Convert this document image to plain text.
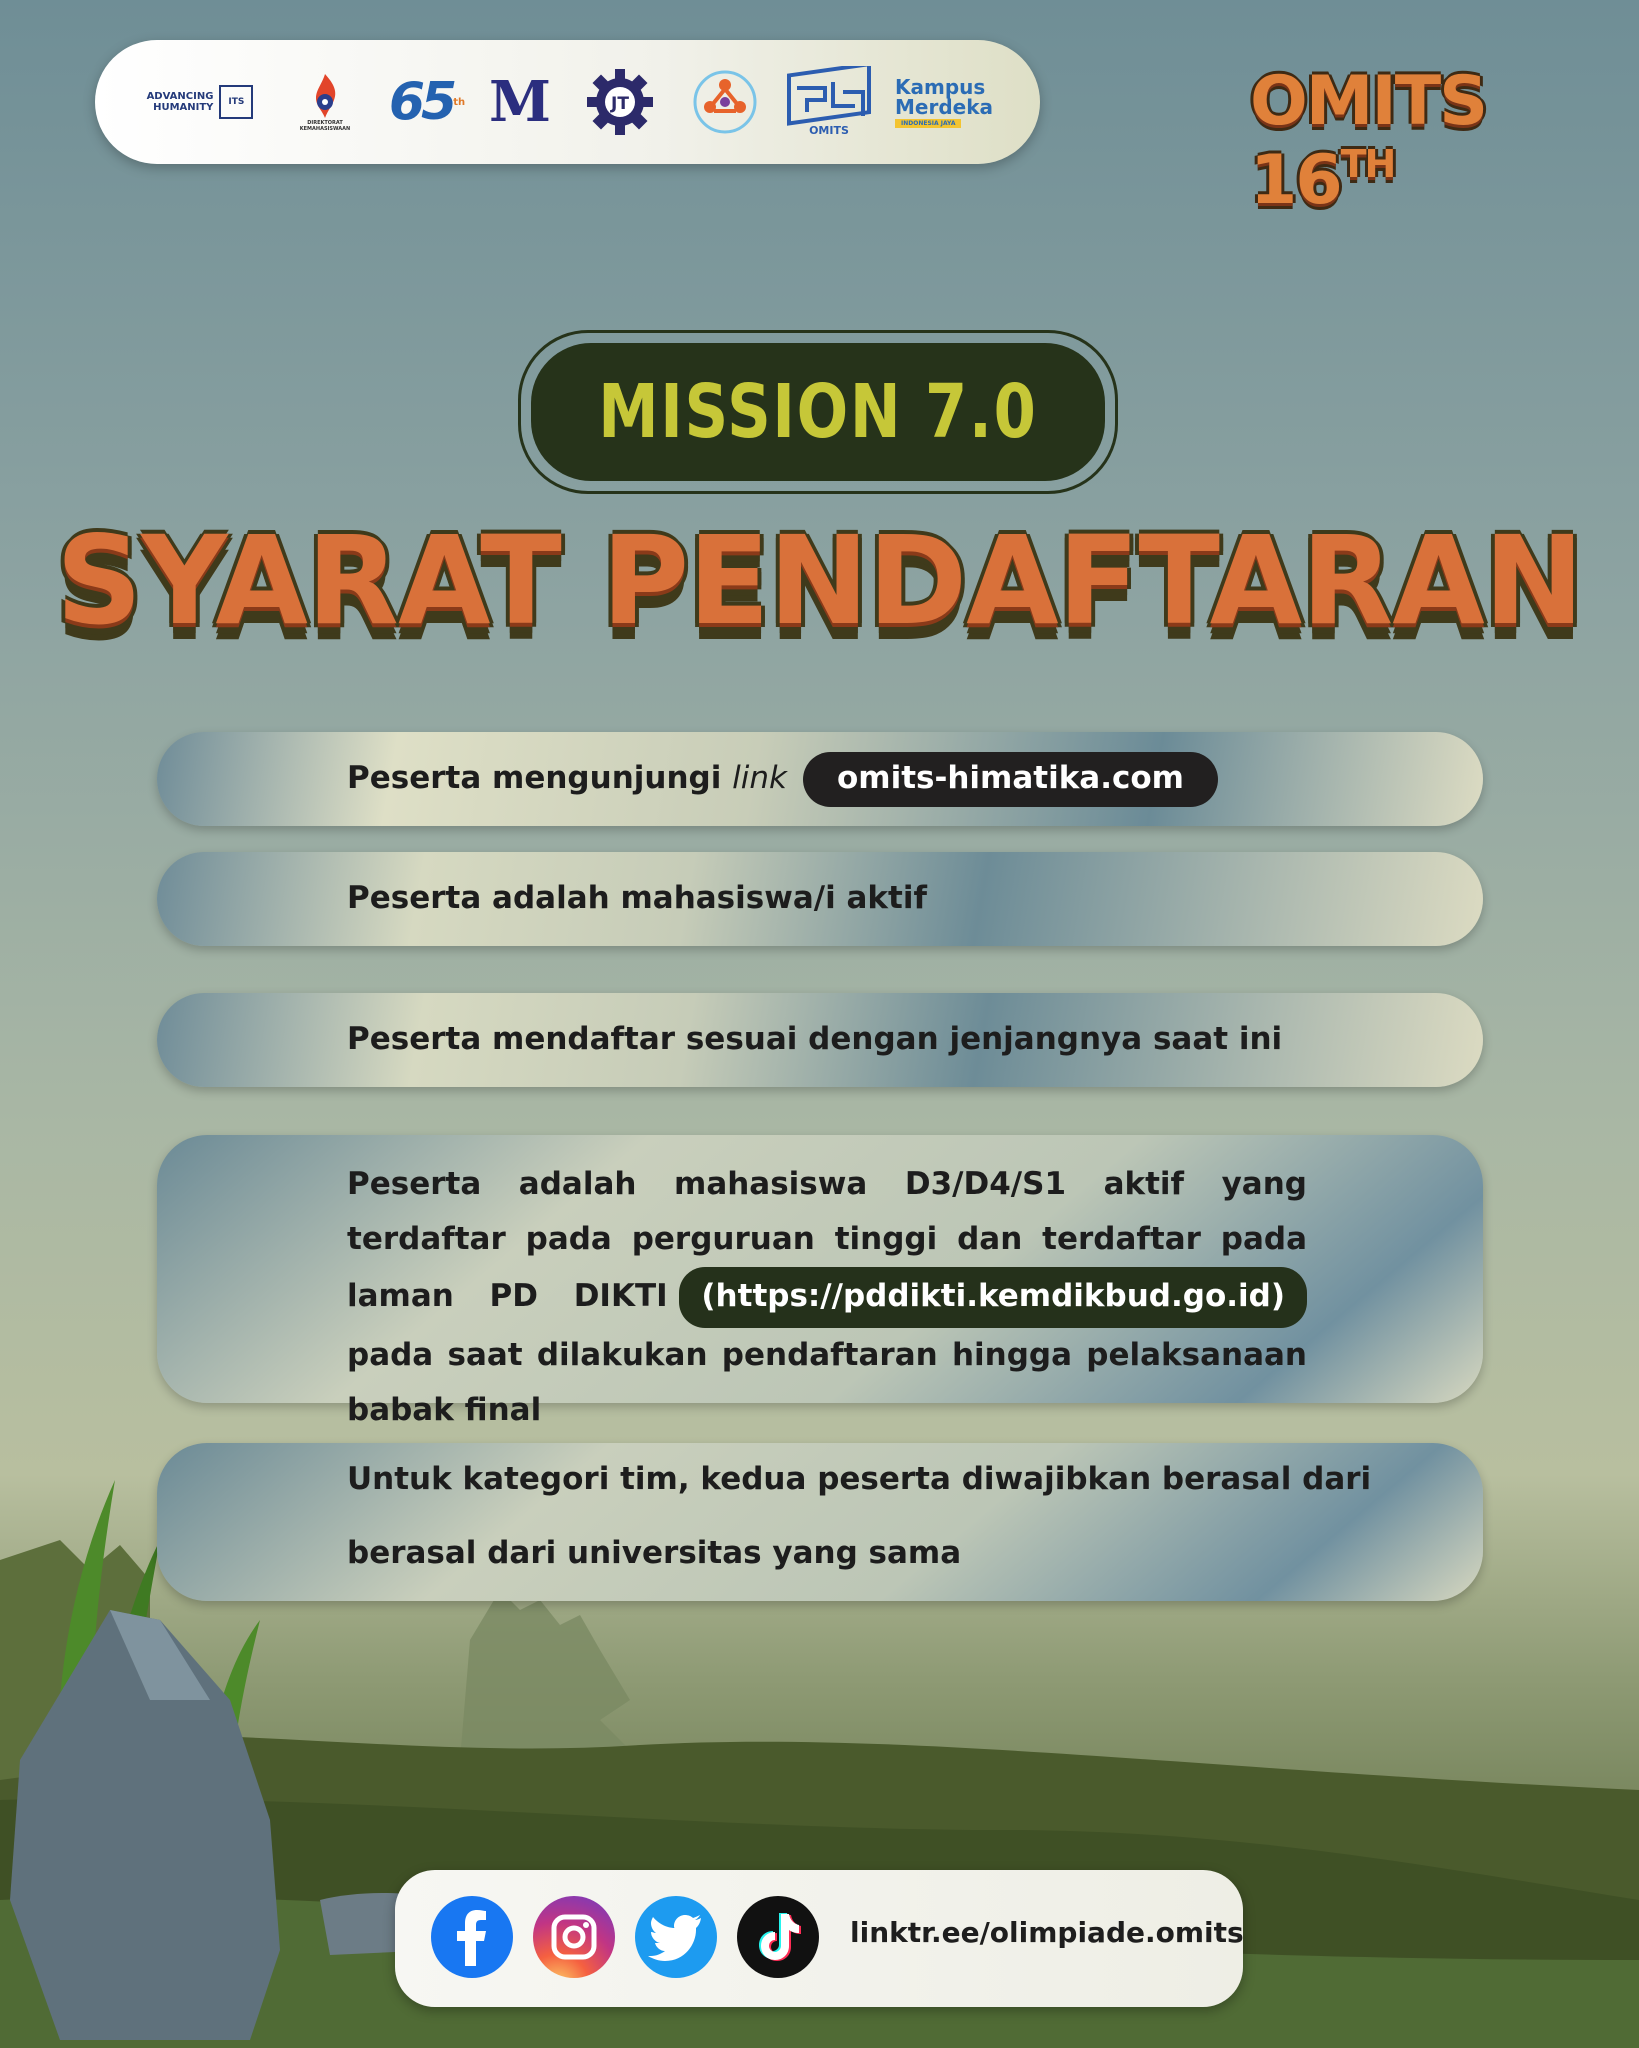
ADVANCING
HUMANITY ITS
DIREKTORAT
KEMAHASISWAAN 65 th M	JT
OMITS
Kampus
Merdeka
INDONESIA JAYA	OMITS 16TH
MISSION 7.0
SYARAT PENDAFTARAN
Peserta mengunjungi link omits-himatika.com
Peserta adalah mahasiswa/i aktif
Peserta mendaftar sesuai dengan jenjangnya saat ini
Peserta adalah mahasiswa D3/D4/S1 aktif yang terdaftar pada perguruan tinggi dan terdaftar pada laman PD DIKTI (https://pddikti.kemdikbud.go.id) pada saat dilakukan pendaftaran hingga pelaksanaan babak final
Untuk kategori tim, kedua peserta diwajibkan berasal dari
berasal dari universitas yang sama
linktr.ee/olimpiade.omits
